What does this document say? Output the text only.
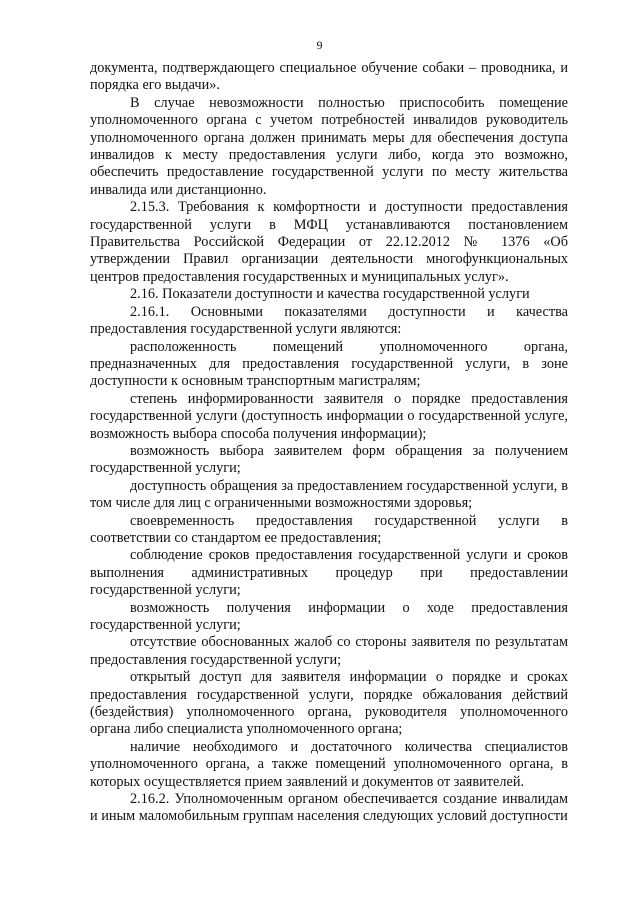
9

документа, подтверждающего специальное обучение собаки – проводника, и порядка его выдачи».

В случае невозможности полностью приспособить помещение уполномоченного органа с учетом потребностей инвалидов руководитель уполномоченного органа должен принимать меры для обеспечения доступа инвалидов к месту предоставления услуги либо, когда это возможно, обеспечить предоставление государственной услуги по месту жительства инвалида или дистанционно.

2.15.3. Требования к комфортности и доступности предоставления государственной услуги в МФЦ устанавливаются постановлением Правительства Российской Федерации от 22.12.2012 № 1376 «Об утверждении Правил организации деятельности многофункциональных центров предоставления государственных и муниципальных услуг».

2.16. Показатели доступности и качества государственной услуги

2.16.1. Основными показателями доступности и качества предоставления государственной услуги являются:

расположенность помещений уполномоченного органа, предназначенных для предоставления государственной услуги, в зоне доступности к основным транспортным магистралям;

степень информированности заявителя о порядке предоставления государственной услуги (доступность информации о государственной услуге, возможность выбора способа получения информации);

возможность выбора заявителем форм обращения за получением государственной услуги;

доступность обращения за предоставлением государственной услуги, в том числе для лиц с ограниченными возможностями здоровья;

своевременность предоставления государственной услуги в соответствии со стандартом ее предоставления;

соблюдение сроков предоставления государственной услуги и сроков выполнения административных процедур при предоставлении государственной услуги;

возможность получения информации о ходе предоставления государственной услуги;

отсутствие обоснованных жалоб со стороны заявителя по результатам предоставления государственной услуги;

открытый доступ для заявителя информации о порядке и сроках предоставления государственной услуги, порядке обжалования действий (бездействия) уполномоченного органа, руководителя уполномоченного органа либо специалиста уполномоченного органа;

наличие необходимого и достаточного количества специалистов уполномоченного органа, а также помещений уполномоченного органа, в которых осуществляется прием заявлений и документов от заявителей.

2.16.2. Уполномоченным органом обеспечивается создание инвалидам и иным маломобильным группам населения следующих условий доступности
